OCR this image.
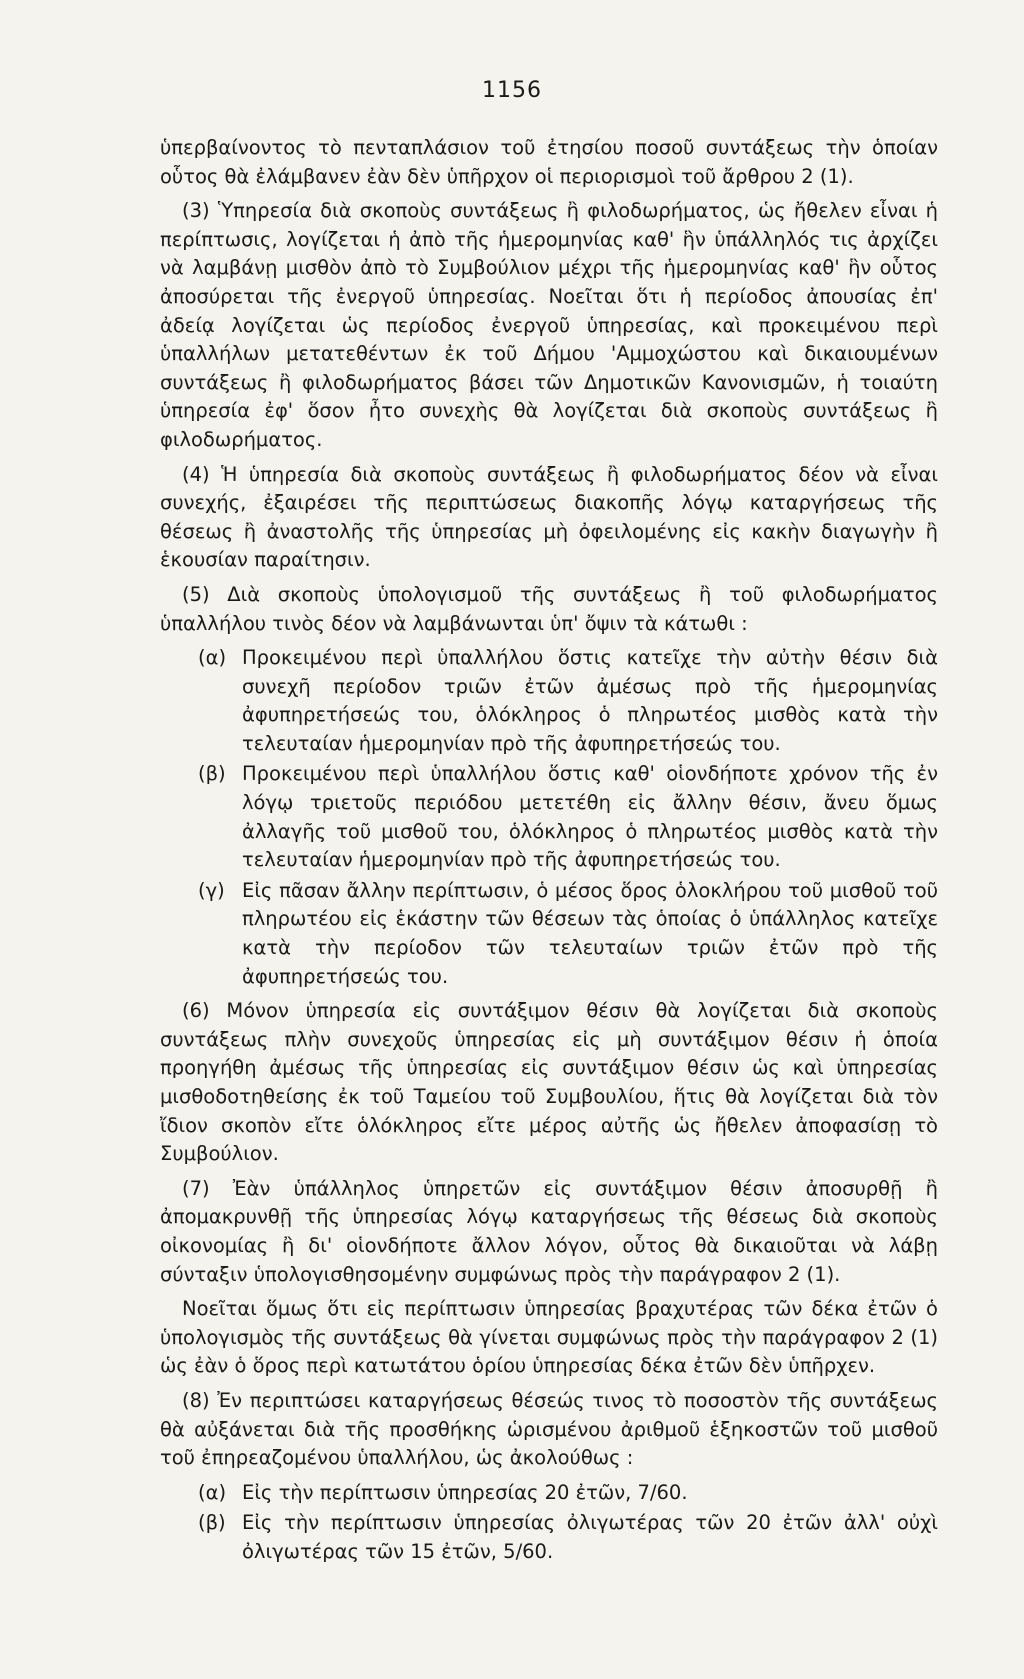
1156

ὑπερβαίνοντος τὸ πενταπλάσιον τοῦ ἐτησίου ποσοῦ συντάξεως τὴν ὁποίαν οὗτος θὰ ἐλάμβανεν ἐὰν δὲν ὑπῆρχον οἱ περιορισμοὶ τοῦ ἄρθρου 2 (1).

(3) Ὑπηρεσία διὰ σκοποὺς συντάξεως ἢ φιλοδωρήματος, ὡς ἤθελεν εἶναι ἡ περίπτωσις, λογίζεται ἡ ἀπὸ τῆς ἡμερομηνίας καθ' ἣν ὑπάλληλός τις ἀρχίζει νὰ λαμβάνῃ μισθὸν ἀπὸ τὸ Συμβούλιον μέχρι τῆς ἡμερομηνίας καθ' ἣν οὗτος ἀποσύρεται τῆς ἐνεργοῦ ὑπηρεσίας. Νοεῖται ὅτι ἡ περίοδος ἀπουσίας ἐπ' ἀδείᾳ λογίζεται ὡς περίοδος ἐνεργοῦ ὑπηρεσίας, καὶ προκειμένου περὶ ὑπαλλήλων μετατεθέντων ἐκ τοῦ Δήμου 'Αμμοχώστου καὶ δικαιουμένων συντάξεως ἢ φιλοδωρήματος βάσει τῶν Δημοτικῶν Κανονισμῶν, ἡ τοιαύτη ὑπηρεσία ἐφ' ὅσον ἦτο συνεχὴς θὰ λογίζεται διὰ σκοποὺς συντάξεως ἢ φιλοδωρήματος.

(4) Ἡ ὑπηρεσία διὰ σκοποὺς συντάξεως ἢ φιλοδωρήματος δέον νὰ εἶναι συνεχής, ἐξαιρέσει τῆς περιπτώσεως διακοπῆς λόγῳ καταργήσεως τῆς θέσεως ἢ ἀναστολῆς τῆς ὑπηρεσίας μὴ ὀφειλομένης εἰς κακὴν διαγωγὴν ἢ ἑκουσίαν παραίτησιν.

(5) Διὰ σκοποὺς ὑπολογισμοῦ τῆς συντάξεως ἢ τοῦ φιλοδωρήματος ὑπαλλήλου τινὸς δέον νὰ λαμβάνωνται ὑπ' ὄψιν τὰ κάτωθι :

(α) Προκειμένου περὶ ὑπαλλήλου ὅστις κατεῖχε τὴν αὐτὴν θέσιν διὰ συνεχῆ περίοδον τριῶν ἐτῶν ἀμέσως πρὸ τῆς ἡμερομηνίας ἀφυπηρετήσεώς του, ὁλόκληρος ὁ πληρωτέος μισθὸς κατὰ τὴν τελευταίαν ἡμερομηνίαν πρὸ τῆς ἀφυπηρετήσεώς του.
(β) Προκειμένου περὶ ὑπαλλήλου ὅστις καθ' οἱονδήποτε χρόνον τῆς ἐν λόγῳ τριετοῦς περιόδου μετετέθη εἰς ἄλλην θέσιν, ἄνευ ὅμως ἀλλαγῆς τοῦ μισθοῦ του, ὁλόκληρος ὁ πληρωτέος μισθὸς κατὰ τὴν τελευταίαν ἡμερομηνίαν πρὸ τῆς ἀφυπηρετήσεώς του.
(γ) Εἰς πᾶσαν ἄλλην περίπτωσιν, ὁ μέσος ὅρος ὁλοκλήρου τοῦ μισθοῦ τοῦ πληρωτέου εἰς ἑκάστην τῶν θέσεων τὰς ὁποίας ὁ ὑπάλληλος κατεῖχε κατὰ τὴν περίοδον τῶν τελευταίων τριῶν ἐτῶν πρὸ τῆς ἀφυπηρετήσεώς του.

(6) Μόνον ὑπηρεσία εἰς συντάξιμον θέσιν θὰ λογίζεται διὰ σκοποὺς συντάξεως πλὴν συνεχοῦς ὑπηρεσίας εἰς μὴ συντάξιμον θέσιν ἡ ὁποία προηγήθη ἀμέσως τῆς ὑπηρεσίας εἰς συντάξιμον θέσιν ὡς καὶ ὑπηρεσίας μισθοδοτηθείσης ἐκ τοῦ Ταμείου τοῦ Συμβουλίου, ἥτις θὰ λογίζεται διὰ τὸν ἴδιον σκοπὸν εἴτε ὁλόκληρος εἴτε μέρος αὐτῆς ὡς ἤθελεν ἀποφασίσῃ τὸ Συμβούλιον.

(7) Ἐὰν ὑπάλληλος ὑπηρετῶν εἰς συντάξιμον θέσιν ἀποσυρθῇ ἢ ἀπομακρυνθῇ τῆς ὑπηρεσίας λόγῳ καταργήσεως τῆς θέσεως διὰ σκοποὺς οἰκονομίας ἢ δι' οἱονδήποτε ἄλλον λόγον, οὗτος θὰ δικαιοῦται νὰ λάβῃ σύνταξιν ὑπολογισθησομένην συμφώνως πρὸς τὴν παράγραφον 2 (1).

Νοεῖται ὅμως ὅτι εἰς περίπτωσιν ὑπηρεσίας βραχυτέρας τῶν δέκα ἐτῶν ὁ ὑπολογισμὸς τῆς συντάξεως θὰ γίνεται συμφώνως πρὸς τὴν παράγραφον 2 (1) ὡς ἐὰν ὁ ὅρος περὶ κατωτάτου ὁρίου ὑπηρεσίας δέκα ἐτῶν δὲν ὑπῆρχεν.

(8) Ἐν περιπτώσει καταργήσεως θέσεώς τινος τὸ ποσοστὸν τῆς συντάξεως θὰ αὐξάνεται διὰ τῆς προσθήκης ὡρισμένου ἀριθμοῦ ἑξηκοστῶν τοῦ μισθοῦ τοῦ ἐπηρεαζομένου ὑπαλλήλου, ὡς ἀκολούθως :

(α) Εἰς τὴν περίπτωσιν ὑπηρεσίας 20 ἐτῶν, 7/60.
(β) Εἰς τὴν περίπτωσιν ὑπηρεσίας ὀλιγωτέρας τῶν 20 ἐτῶν ἀλλ' οὐχὶ ὀλιγωτέρας τῶν 15 ἐτῶν, 5/60.
